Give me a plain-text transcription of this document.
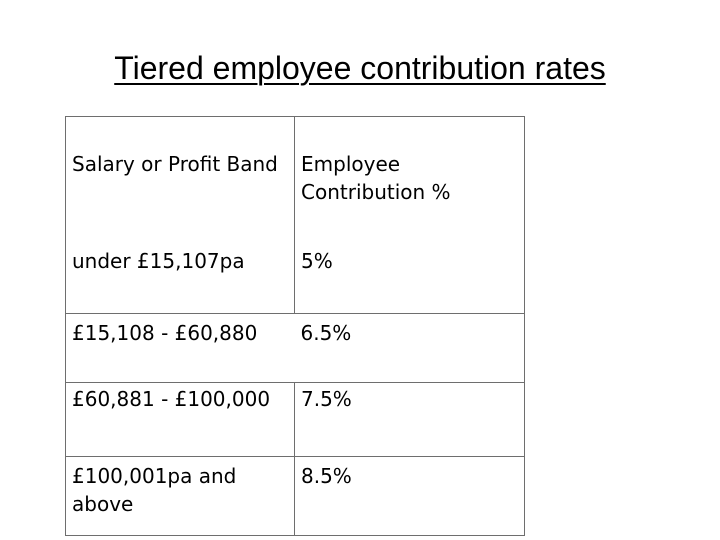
Tiered employee contribution rates
Salary or Profit Band	Employee Contribution %
under £15,107pa	5%
£15,108 - £60,880	6.5%
£60,881 - £100,000	7.5%
£100,001pa and above	8.5%
